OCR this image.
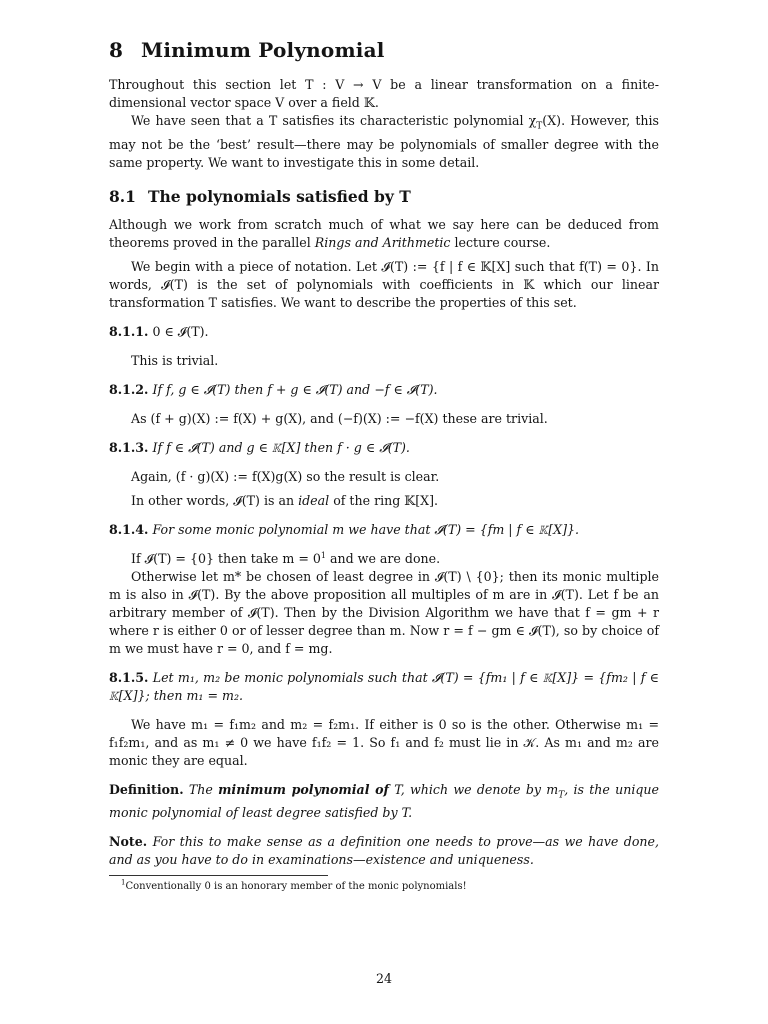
8 Minimum Polynomial

Throughout this section let T : V → V be a linear transformation on a finite-dimensional vector space V over a field 𝕂.

We have seen that a T satisfies its characteristic polynomial $\chi_T(X)$. However, this may not be the ‘best’ result—there may be polynomials of smaller degree with the same property. We want to investigate this in some detail.

8.1 The polynomials satisfied by T

Although we work from scratch much of what we say here can be deduced from theorems proved in the parallel Rings and Arithmetic lecture course.

We begin with a piece of notation. Let 𝓘(T) := {f | f ∈ 𝕂[X] such that f(T) = 0}. In words, 𝓘(T) is the set of polynomials with coefficients in 𝕂 which our linear transformation T satisfies. We want to describe the properties of this set.

8.1.1. 0 ∈ 𝓘(T).

This is trivial.

8.1.2. If f, g ∈ 𝓘(T) then f + g ∈ 𝓘(T) and −f ∈ 𝓘(T).

As (f + g)(X) := f(X) + g(X), and (−f)(X) := −f(X) these are trivial.

8.1.3. If f ∈ 𝓘(T) and g ∈ 𝕂[X] then f · g ∈ 𝓘(T).

Again, (f · g)(X) := f(X)g(X) so the result is clear.

In other words, 𝓘(T) is an ideal of the ring 𝕂[X].

8.1.4. For some monic polynomial m we have that 𝓘(T) = {fm | f ∈ 𝕂[X]}.

If 𝓘(T) = {0} then take $m = 0^1$ and we are done.

Otherwise let m* be chosen of least degree in 𝓘(T) \ {0}; then its monic multiple m is also in 𝓘(T). By the above proposition all multiples of m are in 𝓘(T). Let f be an arbitrary member of 𝓘(T). Then by the Division Algorithm we have that f = gm + r where r is either 0 or of lesser degree than m. Now r = f − gm ∈ 𝓘(T), so by choice of m we must have r = 0, and f = mg.

8.1.5. Let m₁, m₂ be monic polynomials such that 𝓘(T) = {fm₁ | f ∈ 𝕂[X]} = {fm₂ | f ∈ 𝕂[X]}; then m₁ = m₂.

We have m₁ = f₁m₂ and m₂ = f₂m₁. If either is 0 so is the other. Otherwise m₁ = f₁f₂m₁, and as m₁ ≠ 0 we have f₁f₂ = 1. So f₁ and f₂ must lie in 𝒦. As m₁ and m₂ are monic they are equal.

Definition. The minimum polynomial of T, which we denote by $m_T$, is the unique monic polynomial of least degree satisfied by T.

Note. For this to make sense as a definition one needs to prove—as we have done, and as you have to do in examinations—existence and uniqueness.

$^1$Conventionally 0 is an honorary member of the monic polynomials!
24
